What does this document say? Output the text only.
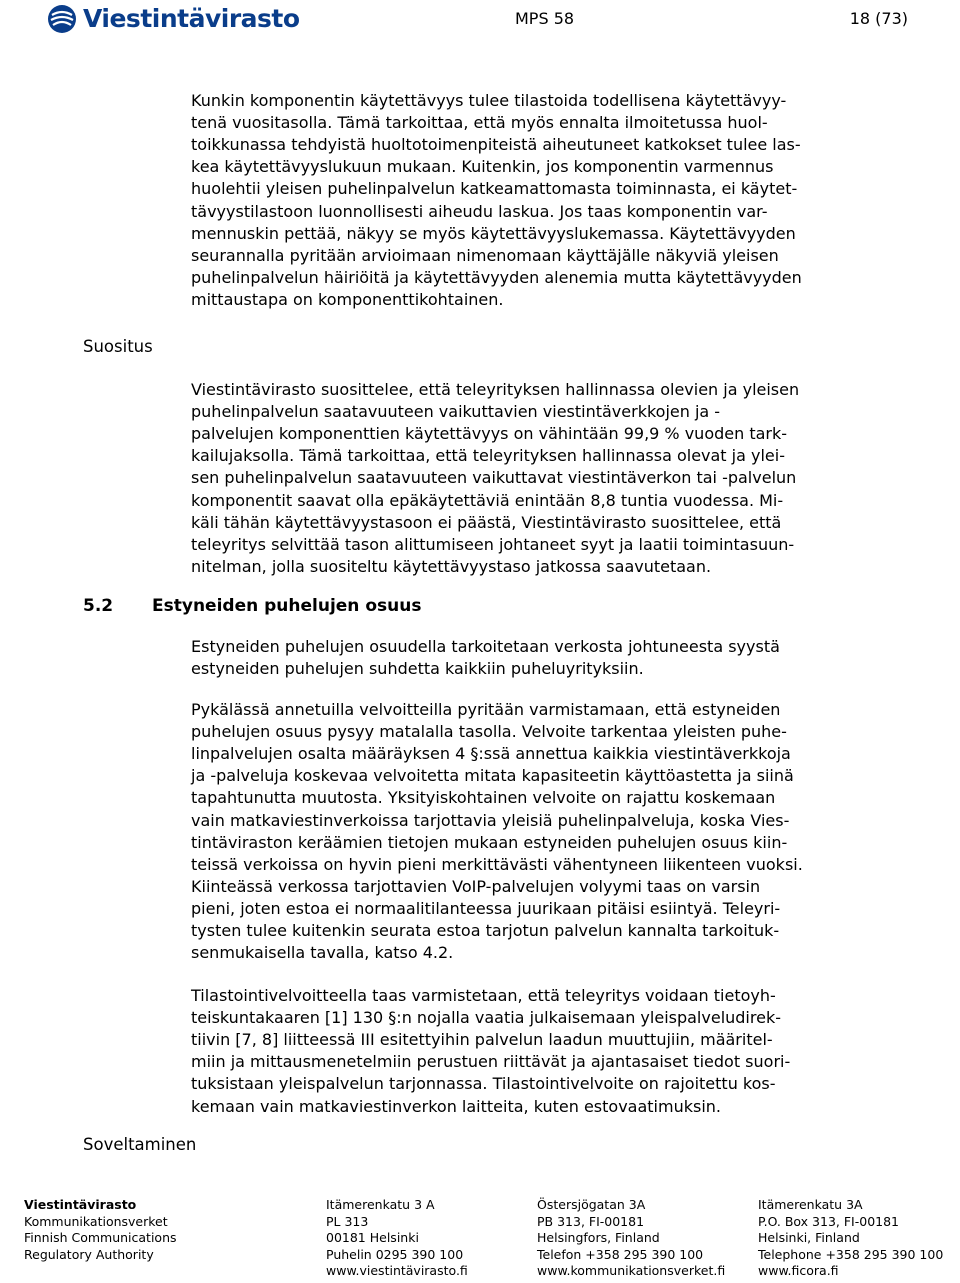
Viestintävirasto	MPS 58	18 (73)
Kunkin komponentin käytettävyys tulee tilastoida todellisena käytettävyy-
tenä vuositasolla. Tämä tarkoittaa, että myös ennalta ilmoitetussa huol-
toikkunassa tehdyistä huoltotoimenpiteistä aiheutuneet katkokset tulee las-
kea käytettävyyslukuun mukaan. Kuitenkin, jos komponentin varmennus
huolehtii yleisen puhelinpalvelun katkeamattomasta toiminnasta, ei käytet-
tävyystilastoon luonnollisesti aiheudu laskua. Jos taas komponentin var-
mennuskin pettää, näkyy se myös käytettävyyslukemassa. Käytettävyyden
seurannalla pyritään arvioimaan nimenomaan käyttäjälle näkyviä yleisen
puhelinpalvelun häiriöitä ja käytettävyyden alenemia mutta käytettävyyden
mittaustapa on komponenttikohtainen.
Viestintävirasto suosittelee, että teleyrityksen hallinnassa olevien ja yleisen
puhelinpalvelun saatavuuteen vaikuttavien viestintäverkkojen ja -
palvelujen komponenttien käytettävyys on vähintään 99,9 % vuoden tark-
kailujaksolla. Tämä tarkoittaa, että teleyrityksen hallinnassa olevat ja ylei-
sen puhelinpalvelun saatavuuteen vaikuttavat viestintäverkon tai -palvelun
komponentit saavat olla epäkäytettäviä enintään 8,8 tuntia vuodessa. Mi-
käli tähän käytettävyystasoon ei päästä, Viestintävirasto suosittelee, että
teleyritys selvittää tason alittumiseen johtaneet syyt ja laatii toimintasuun-
nitelman, jolla suositeltu käytettävyystaso jatkossa saavutetaan.
Estyneiden puhelujen osuudella tarkoitetaan verkosta johtuneesta syystä
estyneiden puhelujen suhdetta kaikkiin puheluyrityksiin.
Pykälässä annetuilla velvoitteilla pyritään varmistamaan, että estyneiden
puhelujen osuus pysyy matalalla tasolla. Velvoite tarkentaa yleisten puhe-
linpalvelujen osalta määräyksen 4 §:ssä annettua kaikkia viestintäverkkoja
ja -palveluja koskevaa velvoitetta mitata kapasiteetin käyttöastetta ja siinä
tapahtunutta muutosta. Yksityiskohtainen velvoite on rajattu koskemaan
vain matkaviestinverkoissa tarjottavia yleisiä puhelinpalveluja, koska Vies-
tintäviraston keräämien tietojen mukaan estyneiden puhelujen osuus kiin-
teissä verkoissa on hyvin pieni merkittävästi vähentyneen liikenteen vuoksi.
Kiinteässä verkossa tarjottavien VoIP-palvelujen volyymi taas on varsin
pieni, joten estoa ei normaalitilanteessa juurikaan pitäisi esiintyä. Teleyri-
tysten tulee kuitenkin seurata estoa tarjotun palvelun kannalta tarkoituk-
senmukaisella tavalla, katso 4.2.
Tilastointivelvoitteella taas varmistetaan, että teleyritys voidaan tietoyh-
teiskuntakaaren [1] 130 §:n nojalla vaatia julkaisemaan yleispalveludirek-
tiivin [7, 8] liitteessä III esitettyihin palvelun laadun muuttujiin, määritel-
miin ja mittausmenetelmiin perustuen riittävät ja ajantasaiset tiedot suori-
tuksistaan yleispalvelun tarjonnassa. Tilastointivelvoite on rajoitettu kos-
kemaan vain matkaviestinverkon laitteita, kuten estovaatimuksin.
Suositus
Soveltaminen
5.2 Estyneiden puhelujen osuus
Viestintävirasto
Kommunikationsverket
Finnish Communications
Regulatory Authority
Itämerenkatu 3 A
PL 313
00181 Helsinki
Puhelin 0295 390 100
www.viestintävirasto.fi
Östersjögatan 3A
PB 313, FI-00181
Helsingfors, Finland
Telefon +358 295 390 100
www.kommunikationsverket.fi
Itämerenkatu 3A
P.O. Box 313, FI-00181
Helsinki, Finland
Telephone +358 295 390 100
www.ficora.fi
